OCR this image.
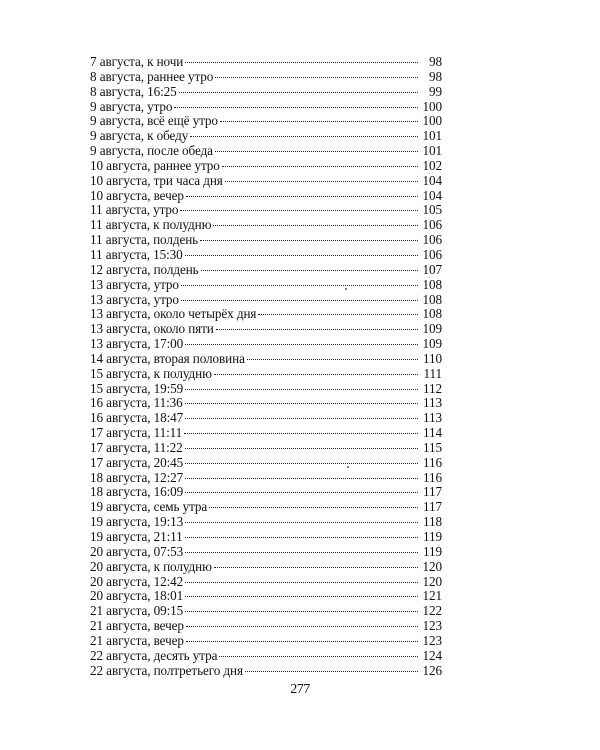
7 августа, к ночи	98
8 августа, раннее утро	98
8 августа, 16:25	99
9 августа, утро	100
9 августа, всё ещё утро	100
9 августа, к обеду	101
9 августа, после обеда	101
10 августа, раннее утро	102
10 августа, три часа дня	104
10 августа, вечер	104
11 августа, утро	105
11 августа, к полудню	106
11 августа, полдень	106
11 августа, 15:30	106
12 августа, полдень	107
13 августа, утро	108
13 августа, утро	108
13 августа, около четырёх дня	108
13 августа, около пяти	109
13 августа, 17:00	109
14 августа, вторая половина	110
15 августа, к полудню	111
15 августа, 19:59	112
16 августа, 11:36	113
16 августа, 18:47	113
17 августа, 11:11	114
17 августа, 11:22	115
17 августа, 20:45	116
18 августа, 12:27	116
18 августа, 16:09	117
19 августа, семь утра	117
19 августа, 19:13	118
19 августа, 21:11	119
20 августа, 07:53	119
20 августа, к полудню	120
20 августа, 12:42	120
20 августа, 18:01	121
21 августа, 09:15	122
21 августа, вечер	123
21 августа, вечер	123
22 августа, десять утра	124
22 августа, полтретьего дня	126
277
